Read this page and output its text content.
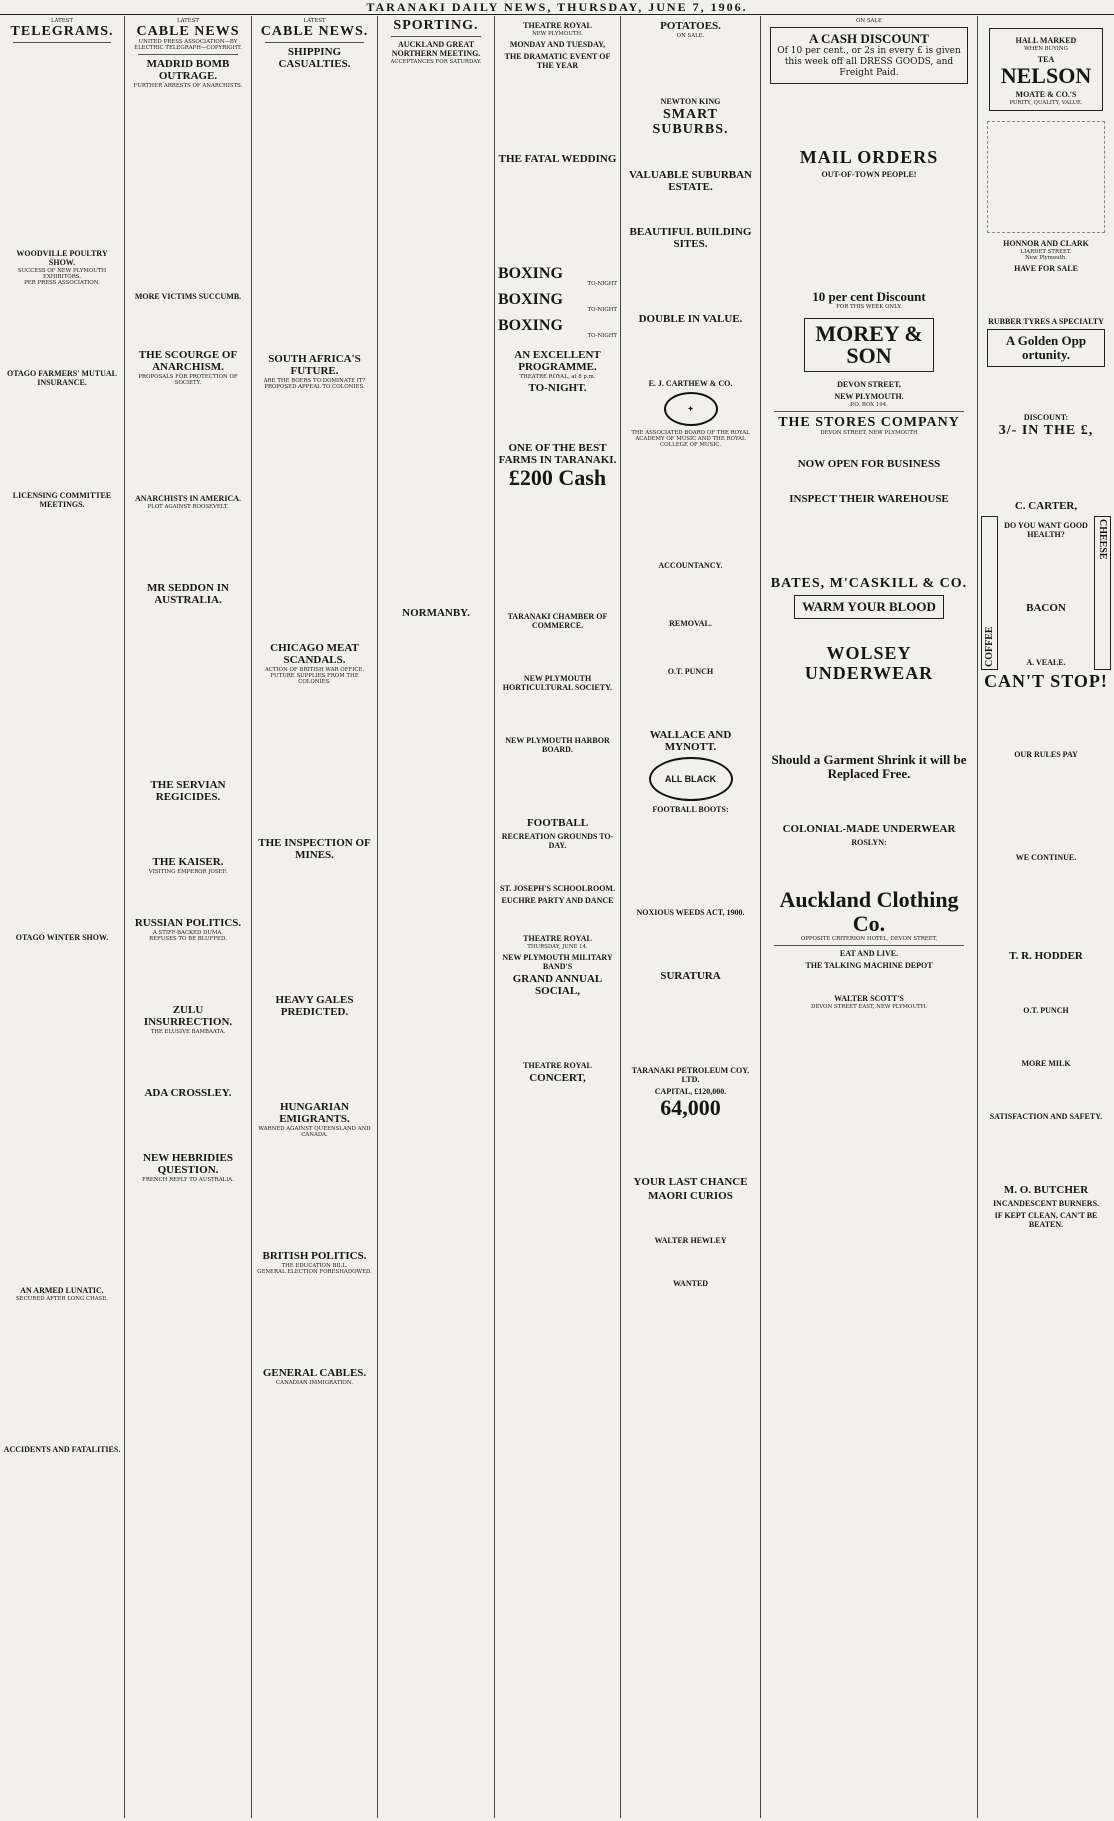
TARANAKI DAILY NEWS, THURSDAY, JUNE 7, 1906.
LATEST
TELEGRAMS.
WOODVILLE POULTRY SHOW.
SUCCESS OF NEW PLYMOUTH EXHIBITORS.
PER PRESS ASSOCIATION.
OTAGO FARMERS' MUTUAL INSURANCE.
LICENSING COMMITTEE MEETINGS.
OTAGO WINTER SHOW.
AN ARMED LUNATIC.
SECURED AFTER LONG CHASE.
ACCIDENTS AND FATALITIES.
LATEST
CABLE NEWS
UNITED PRESS ASSOCIATION—BY ELECTRIC TELEGRAPH—COPYRIGHT.
MADRID BOMB OUTRAGE.
FURTHER ARRESTS OF ANARCHISTS.
MORE VICTIMS SUCCUMB.
THE SCOURGE OF ANARCHISM.
PROPOSALS FOR PROTECTION OF SOCIETY.
ANARCHISTS IN AMERICA.
PLOT AGAINST ROOSEVELT.
MR SEDDON IN AUSTRALIA.
THE SERVIAN REGICIDES.
THE KAISER.
VISITING EMPEROR JOSEF.
RUSSIAN POLITICS.
A STIFF-BACKED DUMA.
REFUSES TO BE BLUFFED.
ZULU INSURRECTION.
THE ELUSIVE BAMBAATA.
ADA CROSSLEY.
NEW HEBRIDIES QUESTION.
FRENCH REPLY TO AUSTRALIA.
LATEST
CABLE NEWS.
SHIPPING CASUALTIES.
SOUTH AFRICA'S FUTURE.
ARE THE BOERS TO DOMINATE IT?
PROPOSED APPEAL TO COLONIES.
CHICAGO MEAT SCANDALS.
ACTION OF BRITISH WAR OFFICE.
FUTURE SUPPLIES FROM THE COLONIES.
THE INSPECTION OF MINES.
HEAVY GALES PREDICTED.
HUNGARIAN EMIGRANTS.
WARNED AGAINST QUEENSLAND AND CANADA.
BRITISH POLITICS.
THE EDUCATION BILL.
GENERAL ELECTION FORESHADOWED.
GENERAL CABLES.
CANADIAN IMMIGRATION.
SPORTING.
AUCKLAND GREAT NORTHERN MEETING.
ACCEPTANCES FOR SATURDAY.
NORMANBY.
THEATRE ROYAL
NEW PLYMOUTH.
MONDAY AND TUESDAY,
THE DRAMATIC EVENT OF THE YEAR
THE FATAL WEDDING
BOXING
TO-NIGHT
BOXING
TO-NIGHT
BOXING
TO-NIGHT
AN EXCELLENT PROGRAMME.
THEATRE ROYAL, at 8 p.m.
TO-NIGHT.
ONE OF THE BEST FARMS IN TARANAKI.
£200 Cash
TARANAKI CHAMBER OF COMMERCE.
NEW PLYMOUTH HORTICULTURAL SOCIETY.
NEW PLYMOUTH HARBOR BOARD.
FOOTBALL
RECREATION GROUNDS TO-DAY.
ST. JOSEPH'S SCHOOLROOM.
EUCHRE PARTY AND DANCE
THEATRE ROYAL
THURSDAY, JUNE 14.
NEW PLYMOUTH MILITARY BAND'S
GRAND ANNUAL SOCIAL,
THEATRE ROYAL
CONCERT,
POTATOES.
ON SALE.
NEWTON KING
SMART SUBURBS.
VALUABLE SUBURBAN ESTATE.
BEAUTIFUL BUILDING SITES.
DOUBLE IN VALUE.
E. J. CARTHEW & CO.
✦
THE ASSOCIATED BOARD OF THE ROYAL ACADEMY OF MUSIC AND THE ROYAL COLLEGE OF MUSIC.
ACCOUNTANCY.
REMOVAL.
O.T. PUNCH
WALLACE AND MYNOTT.
ALL BLACK
FOOTBALL BOOTS:
NOXIOUS WEEDS ACT, 1900.
SURATURA
TARANAKI PETROLEUM COY. LTD.
CAPITAL, £120,000.
64,000
YOUR LAST CHANCE
MAORI CURIOS
WALTER HEWLEY
WANTED
ON SALE
A CASH DISCOUNT
Of 10 per cent., or 2s in every £ is given this week off all DRESS GOODS, and Freight Paid.
MAIL ORDERS
OUT-OF-TOWN PEOPLE!
10 per cent Discount
FOR THIS WEEK ONLY.
MOREY & SON
DEVON STREET,
NEW PLYMOUTH.
P.O. BOX 194.
THE STORES COMPANY
DEVON STREET, NEW PLYMOUTH
NOW OPEN FOR BUSINESS
INSPECT THEIR WAREHOUSE
BATES, M'CASKILL & CO.
WARM YOUR BLOOD
WOLSEY UNDERWEAR
Should a Garment Shrink it will be Replaced Free.
COLONIAL-MADE UNDERWEAR
ROSLYN:
Auckland Clothing Co.
OPPOSITE CRITERION HOTEL, DEVON STREET,
EAT AND LIVE.
THE TALKING MACHINE DEPOT
WALTER SCOTT'S
DEVON STREET EAST, NEW PLYMOUTH.
HALL MARKED
WHEN BUYING
TEA
NELSON
MOATE & CO.'S
PURITY, QUALITY, VALUE.
HONNOR AND CLARK
LIARDET STREET.
New Plymouth.
HAVE FOR SALE
RUBBER TYRES A SPECIALTY
A Golden Opp ortunity.
DISCOUNT:
3/- IN THE £,
C. CARTER,
COFFEE
DO YOU WANT GOOD HEALTH?
BACON
A. VEALE.
CHEESE
CAN'T STOP!
OUR RULES PAY
WE CONTINUE.
T. R. HODDER
O.T. PUNCH
MORE MILK
SATISFACTION AND SAFETY.
M. O. BUTCHER
INCANDESCENT BURNERS.
IF KEPT CLEAN, CAN'T BE BEATEN.
